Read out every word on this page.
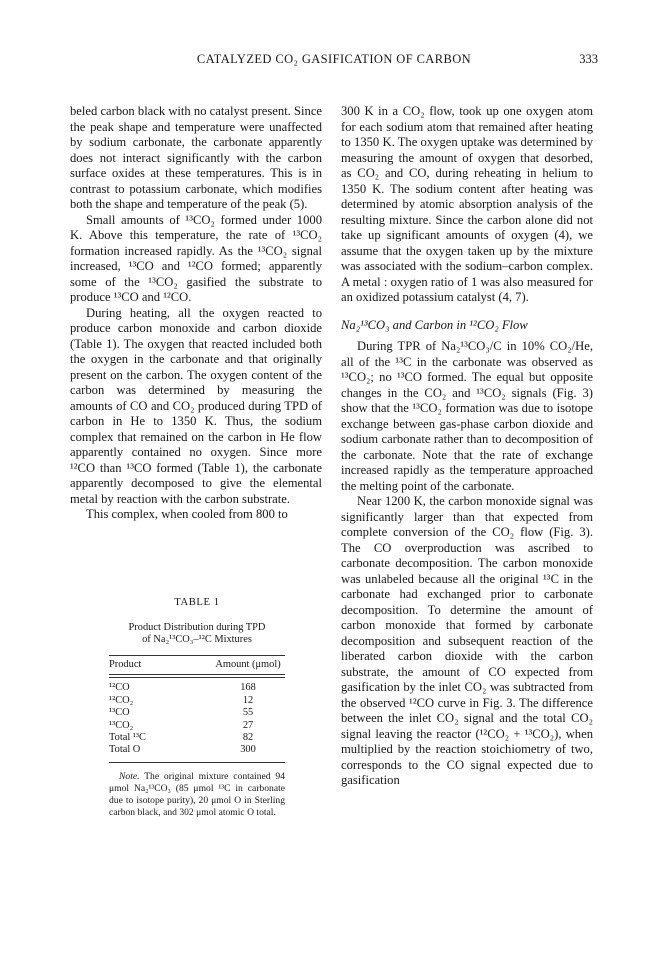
CATALYZED CO₂ GASIFICATION OF CARBON	333

beled carbon black with no catalyst present. Since the peak shape and temperature were unaffected by sodium carbonate, the carbonate apparently does not interact significantly with the carbon surface oxides at these temperatures. This is in contrast to potassium carbonate, which modifies both the shape and temperature of the peak (5).

Small amounts of ¹³CO₂ formed under 1000 K. Above this temperature, the rate of ¹³CO₂ formation increased rapidly. As the ¹³CO₂ signal increased, ¹³CO and ¹²CO formed; apparently some of the ¹³CO₂ gasified the substrate to produce ¹³CO and ¹²CO.

During heating, all the oxygen reacted to produce carbon monoxide and carbon dioxide (Table 1). The oxygen that reacted included both the oxygen in the carbonate and that originally present on the carbon. The oxygen content of the carbon was determined by measuring the amounts of CO and CO₂ produced during TPD of carbon in He to 1350 K. Thus, the sodium complex that remained on the carbon in He flow apparently contained no oxygen. Since more ¹²CO than ¹³CO formed (Table 1), the carbonate apparently decomposed to give the elemental metal by reaction with the carbon substrate.

This complex, when cooled from 800 to

TABLE 1
Product Distribution during TPD
of Na₂¹³CO₃–¹²C Mixtures
Product	Amount (μmol)
¹²CO	168
¹²CO₂	12
¹³CO	55
¹³CO₂	27
Total ¹³C	82
Total O	300
Note. The original mixture contained 94 μmol Na₂¹³CO₃ (85 μmol ¹³C in carbonate due to isotope purity), 20 μmol O in Sterling carbon black, and 302 μmol atomic O total.

300 K in a CO₂ flow, took up one oxygen atom for each sodium atom that remained after heating to 1350 K. The oxygen uptake was determined by measuring the amount of oxygen that desorbed, as CO₂ and CO, during reheating in helium to 1350 K. The sodium content after heating was determined by atomic absorption analysis of the resulting mixture. Since the carbon alone did not take up significant amounts of oxygen (4), we assume that the oxygen taken up by the mixture was associated with the sodium–carbon complex. A metal : oxygen ratio of 1 was also measured for an oxidized potassium catalyst (4, 7).

Na₂¹³CO₃ and Carbon in ¹²CO₂ Flow

During TPR of Na₂¹³CO₃/C in 10% CO₂/He, all of the ¹³C in the carbonate was observed as ¹³CO₂; no ¹³CO formed. The equal but opposite changes in the CO₂ and ¹³CO₂ signals (Fig. 3) show that the ¹³CO₂ formation was due to isotope exchange between gas-phase carbon dioxide and sodium carbonate rather than to decomposition of the carbonate. Note that the rate of exchange increased rapidly as the temperature approached the melting point of the carbonate.

Near 1200 K, the carbon monoxide signal was significantly larger than that expected from complete conversion of the CO₂ flow (Fig. 3). The CO overproduction was ascribed to carbonate decomposition. The carbon monoxide was unlabeled because all the original ¹³C in the carbonate had exchanged prior to carbonate decomposition. To determine the amount of carbon monoxide that formed by carbonate decomposition and subsequent reaction of the liberated carbon dioxide with the carbon substrate, the amount of CO expected from gasification by the inlet CO₂ was subtracted from the observed ¹²CO curve in Fig. 3. The difference between the inlet CO₂ signal and the total CO₂ signal leaving the reactor (¹²CO₂ + ¹³CO₂), when multiplied by the reaction stoichiometry of two, corresponds to the CO signal expected due to gasification
